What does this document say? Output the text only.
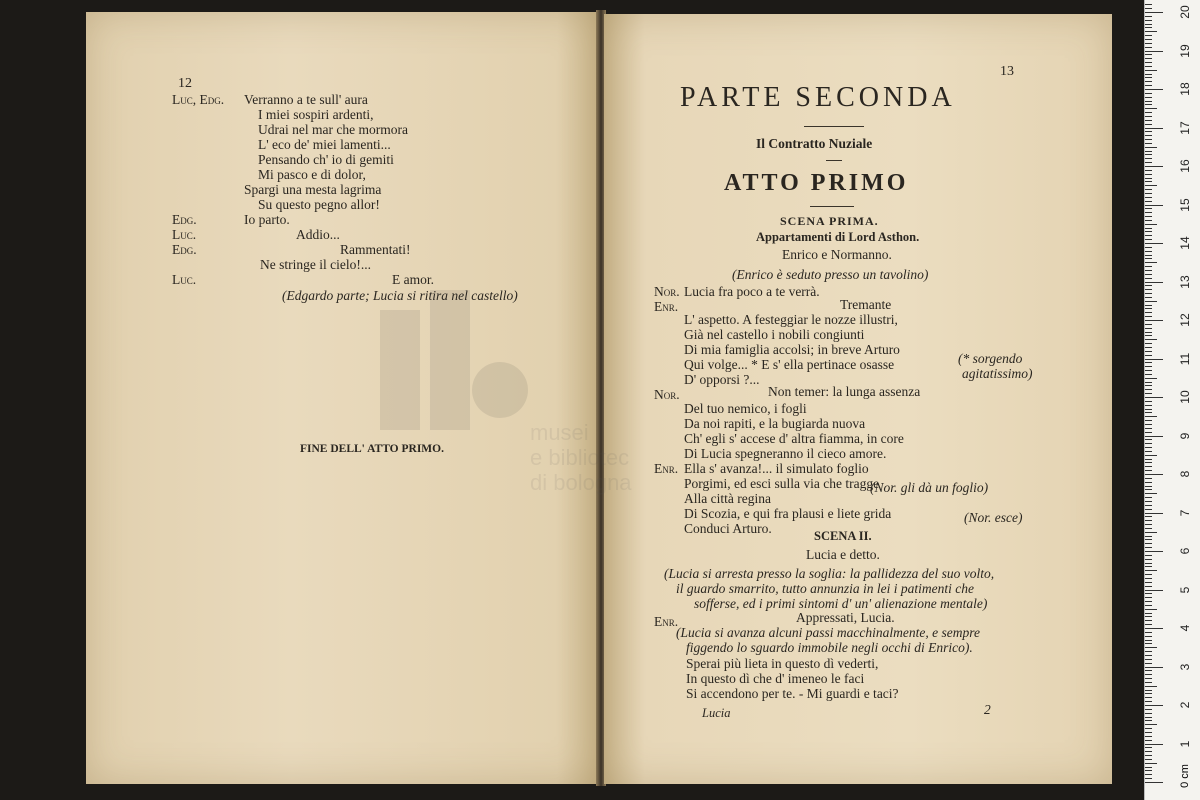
12
Luc, Edg. Verranno a te sull' aura
I miei sospiri ardenti,
Udrai nel mar che mormora
L' eco de' miei lamenti...
Pensando ch' io di gemiti
Mi pasco e di dolor,
Spargi una mesta lagrima
Su questo pegno allor!
Edg.	Io parto.
Luc.	Addio...
Edg.	Rammentati!
Ne stringe il cielo!...
Luc.	E amor.
(Edgardo parte; Lucia si ritira nel castello)
FINE DELL' ATTO PRIMO.
13
PARTE SECONDA
Il Contratto Nuziale
ATTO PRIMO
SCENA PRIMA.
Appartamenti di Lord Asthon.
Enrico e Normanno.
(Enrico è seduto presso un tavolino)
Nor. Lucia fra poco a te verrà.
Enr.	Tremante
L' aspetto. A festeggiar le nozze illustri,
Già nel castello i nobili congiunti
Di mia famiglia accolsi; in breve Arturo
Qui volge... * E s' ella pertinace osasse
D' opporsi ?...
(* sorgendo
agitatissimo)
Nor.	Non temer: la lunga assenza
Del tuo nemico, i fogli
Da noi rapiti, e la bugiarda nuova
Ch' egli s' accese d' altra fiamma, in core
Di Lucia spegneranno il cieco amore.
Enr. Ella s' avanza!... il simulato foglio
Porgimi, ed esci sulla via che tragge
Alla città regina
(Nor. gli dà un foglio)
Di Scozia, e qui fra plausi e liete grida
Conduci Arturo.
(Nor. esce)
SCENA II.
Lucia e detto.
(Lucia si arresta presso la soglia: la pallidezza del suo volto,
il guardo smarrito, tutto annunzia in lei i patimenti che
sofferse, ed i primi sintomi d' un' alienazione mentale)
Enr.	Appressati, Lucia.
(Lucia si avanza alcuni passi macchinalmente, e sempre
figgendo lo sguardo immobile negli occhi di Enrico).
Sperai più lieta in questo dì vederti,
In questo dì che d' imeneo le faci
Si accendono per te. - Mi guardi e taci?
Lucia	2
musei
e bibliotec
di bologna
1
2
3
4
5
6
7
8
9
10
11
12
13
14
15
16
17
18
19
20
0 cm
